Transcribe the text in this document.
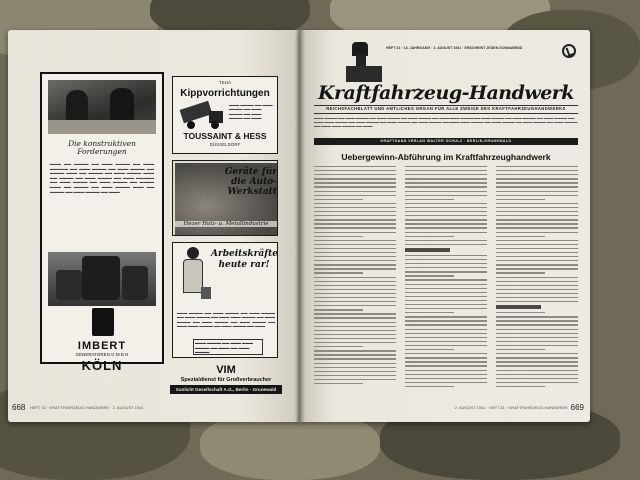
Die konstruktiven Forderungen
▬▬▬ ▬▬ ▬▬▬▬ ▬▬ ▬▬▬ ▬▬▬▬ ▬▬ ▬▬▬ ▬▬▬▬▬ ▬▬ ▬▬▬ ▬▬▬▬ ▬▬ ▬▬▬ ▬▬▬▬ ▬▬ ▬▬▬▬ ▬▬▬ ▬▬ ▬▬▬▬ ▬▬ ▬▬▬ ▬▬▬▬ ▬▬▬ ▬▬ ▬▬▬▬ ▬▬ ▬▬▬ ▬▬▬▬ ▬▬ ▬▬▬ ▬▬▬▬▬ ▬▬ ▬▬▬ ▬▬▬▬ ▬▬ ▬▬▬ ▬▬▬▬ ▬▬ ▬▬▬▬ ▬▬▬ ▬▬ ▬▬▬▬ ▬▬ ▬▬▬ ▬▬▬▬ ▬▬▬ ▬▬ ▬▬▬▬ ▬▬ ▬▬▬ ▬▬▬▬ ▬▬ ▬▬▬
IMBERT
GENERATOREN G M B H
KÖLN
TEHA
Kippvorrichtungen
▬▬▬ ▬▬▬▬ ▬▬ ▬▬▬ ▬▬▬▬ ▬▬ ▬▬▬ ▬▬▬▬ ▬▬ ▬▬▬ ▬▬▬▬ ▬▬ ▬▬▬
TOUSSAINT & HESS
DÜSSELDORF
Geräte für die Auto-Werkstatt
Hezer Holz- u. Metallindustrie
Arbeitskräfte heute rar!
▬▬▬ ▬▬▬▬ ▬▬ ▬▬▬ ▬▬▬▬ ▬▬ ▬▬▬ ▬▬▬▬ ▬▬ ▬▬▬ ▬▬▬▬ ▬▬ ▬▬▬ ▬▬▬ ▬▬▬▬ ▬▬ ▬▬▬ ▬▬▬▬ ▬▬ ▬▬▬ ▬▬▬▬ ▬▬ ▬▬▬ ▬▬▬▬ ▬▬ ▬▬▬ ▬▬▬ ▬▬▬▬ ▬▬ ▬▬▬ ▬▬▬▬ ▬▬ ▬▬▬
▬▬▬ ▬▬▬▬ ▬▬ ▬▬▬ ▬▬▬ ▬▬▬▬ ▬▬ ▬▬▬ ▬▬ ▬▬▬ ▬▬▬▬
VIM
Spezialdienst für Großverbraucher
Sunlicht Gesellschaft A.G., Berlin · Grunewald
668 HEFT 31 · KRAFTFAHRZEUG-HANDWERK · 2. AUGUST 1941
HEFT 31 · 14. JAHRGANG · 2. AUGUST 1941 · ERSCHEINT JEDEN SONNABEND
Kraftfahrzeug-Handwerk
REICHSFACHBLATT UND AMTLICHES ORGAN FÜR ALLE ZWEIGE DES KRAFTFAHRZEUGHANDWERKS
▬▬▬ ▬▬▬▬ ▬▬ ▬▬▬ ▬▬▬▬ ▬▬ ▬▬▬ ▬▬▬▬ ▬▬ ▬▬▬ ▬▬▬▬ ▬▬ ▬▬▬ ▬▬▬ ▬▬▬▬ ▬▬ ▬▬▬ ▬▬▬▬ ▬▬ ▬▬▬ ▬▬▬▬ ▬▬ ▬▬▬ ▬▬▬▬ ▬▬ ▬▬▬ ▬▬▬ ▬▬▬▬ ▬▬ ▬▬▬ ▬▬▬▬ ▬▬ ▬▬▬ ▬▬▬▬ ▬▬ ▬▬▬ ▬▬▬▬ ▬▬ ▬▬▬ ▬▬▬ ▬▬▬▬ ▬▬ ▬▬▬ ▬▬▬▬ ▬▬ ▬▬▬ ▬▬▬▬ ▬▬ ▬▬▬ ▬▬▬▬ ▬▬ ▬▬▬ ▬▬▬ ▬▬▬▬ ▬▬ ▬▬▬
KRAFTHAND VERLAG WALTER SCHULZ · BERLIN-GRUNEWALD
Uebergewinn-Abführung im Kraftfahrzeughandwerk
2. AUGUST 1941 · HEFT 31 · KRAFTFAHRZEUG-HANDWERK 669
